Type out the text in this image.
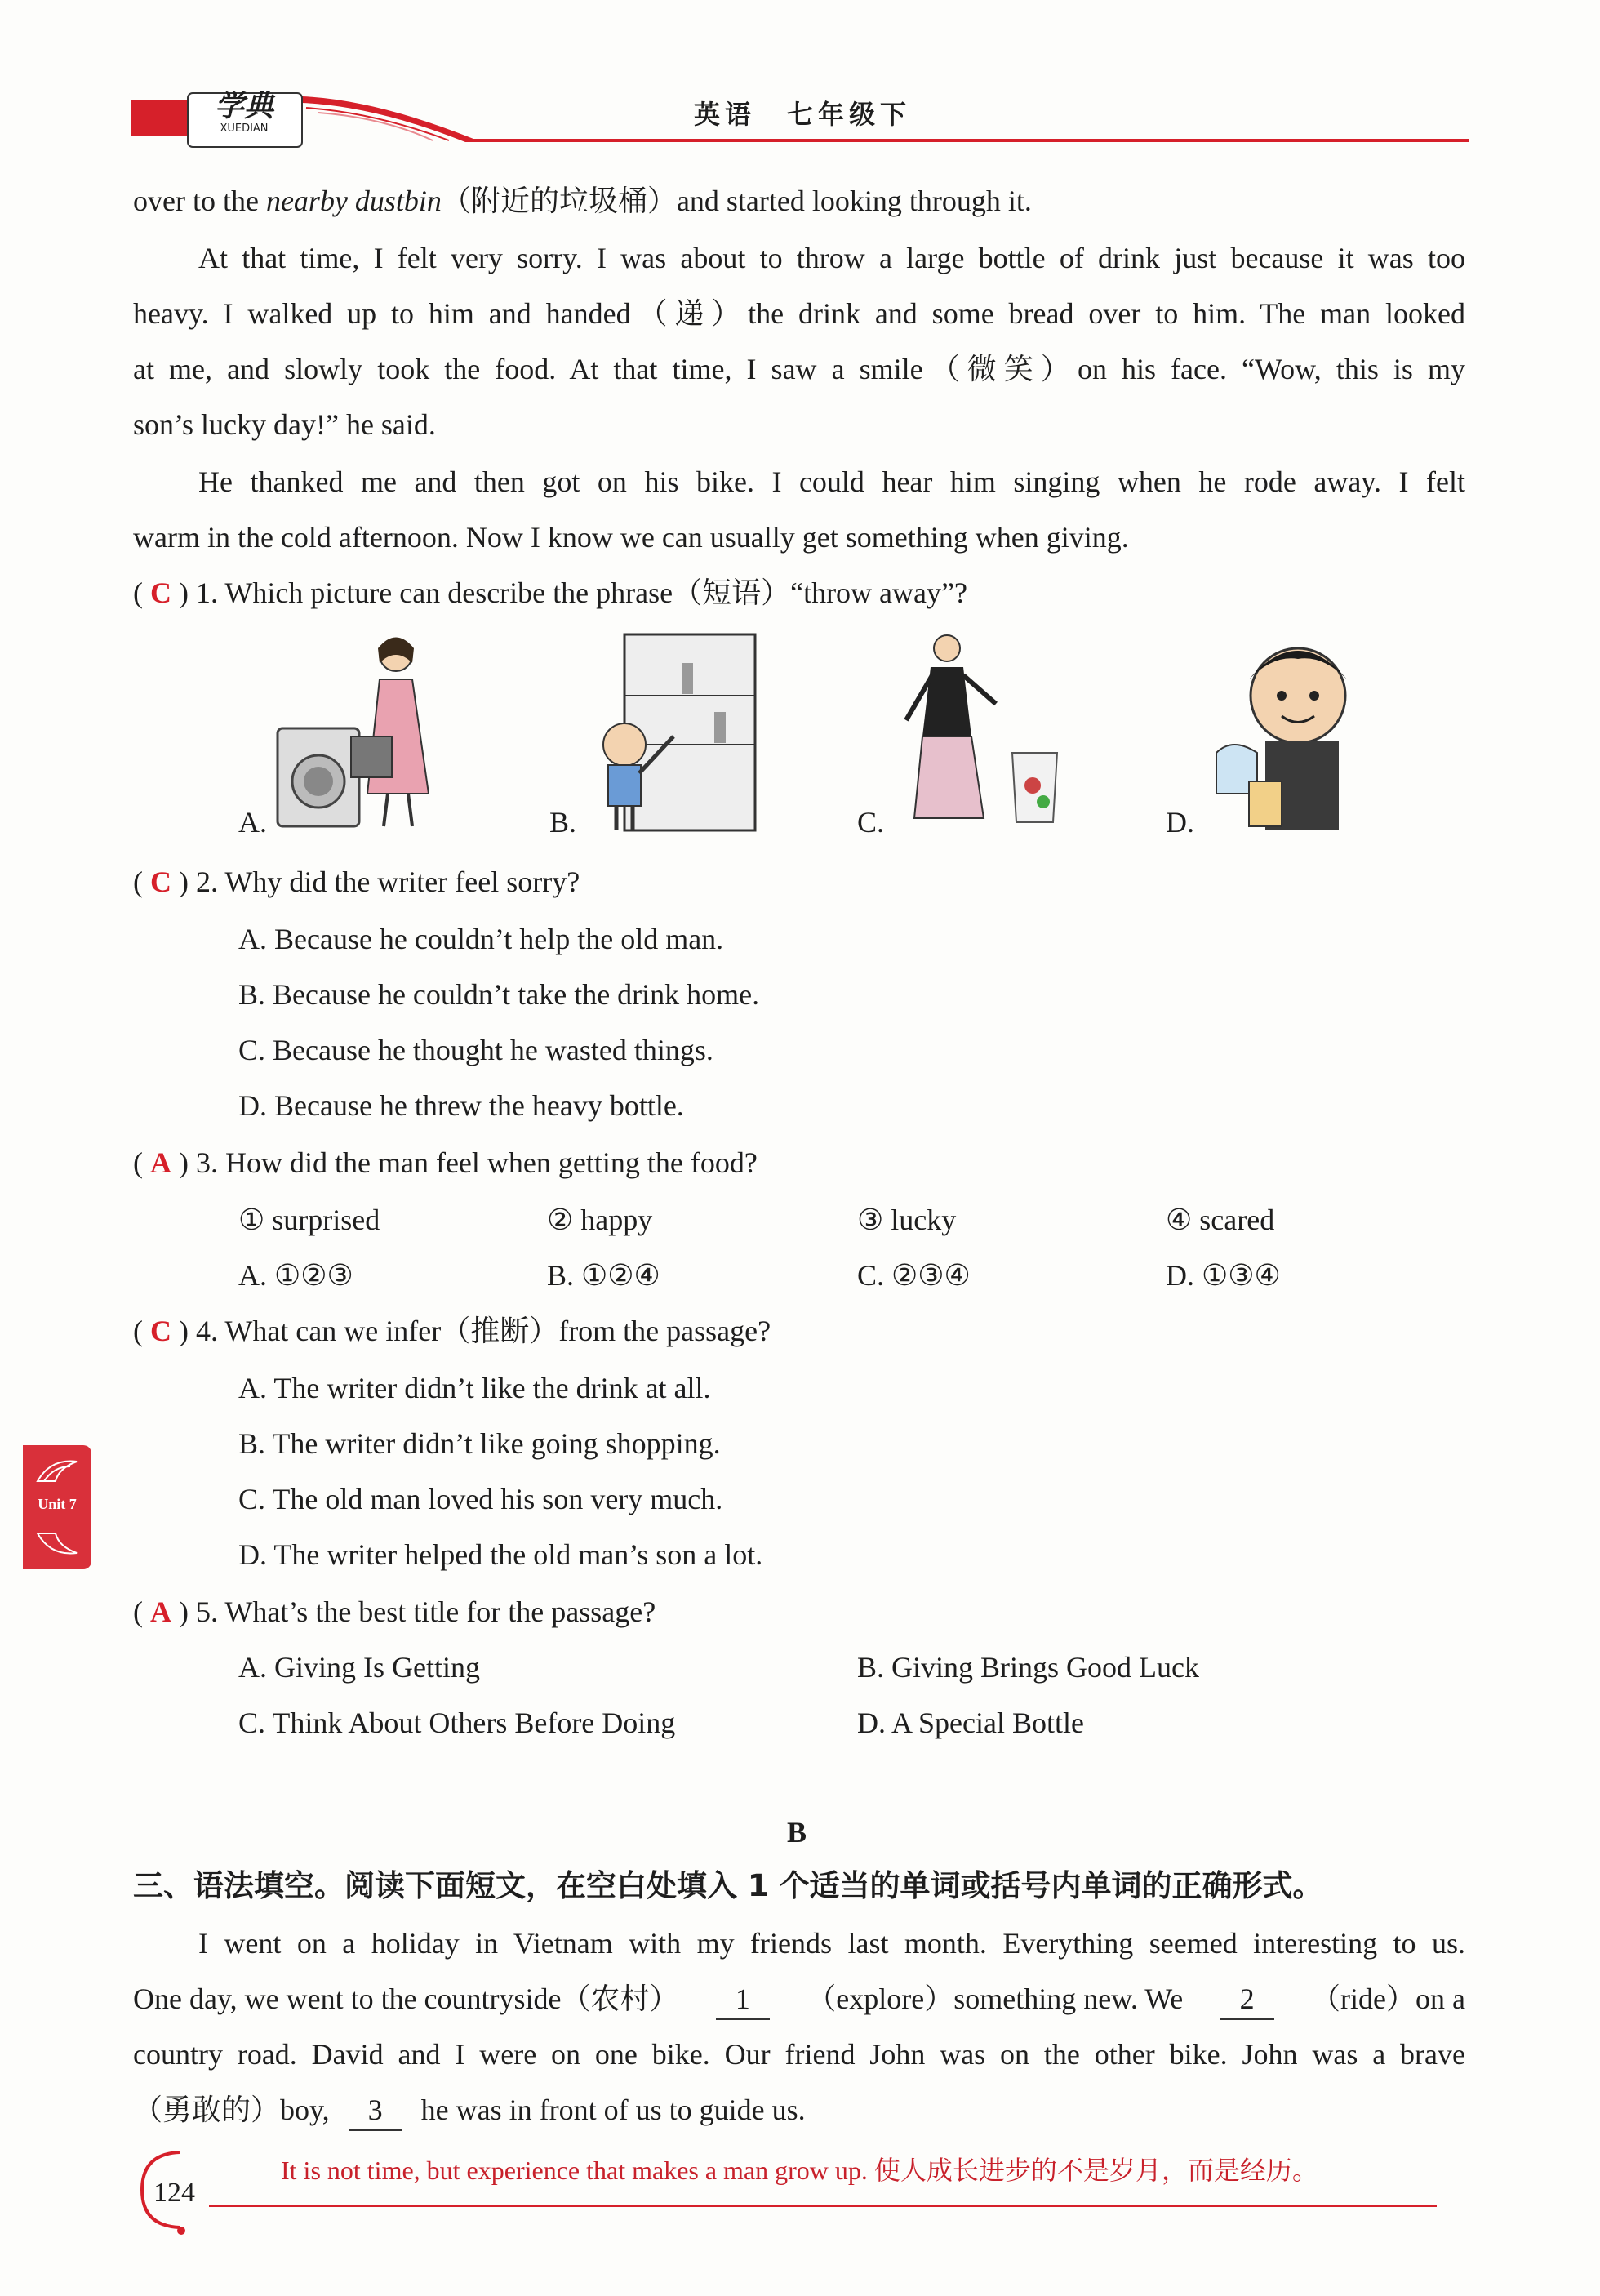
学典
XUEDIAN	英语　七年级下
over to the nearby dustbin（附近的垃圾桶）and started looking through it.
At that time, I felt very sorry. I was about to throw a large bottle of drink just because it was too
heavy. I walked up to him and handed（递）the drink and some bread over to him. The man looked
at me, and slowly took the food. At that time, I saw a smile（微笑）on his face. “Wow, this is my
son’s lucky day!” he said.
He thanked me and then got on his bike. I could hear him singing when he rode away. I felt
warm in the cold afternoon. Now I know we can usually get something when giving.
( C ) 1. Which picture can describe the phrase（短语）“throw away”?
A.	B.	C.	D.
( C ) 2. Why did the writer feel sorry?
A. Because he couldn’t help the old man.
B. Because he couldn’t take the drink home.
C. Because he thought he wasted things.
D. Because he threw the heavy bottle.
( A ) 3. How did the man feel when getting the food?
① surprised	② happy	③ lucky	④ scared
A. ①②③	B. ①②④	C. ②③④	D. ①③④
( C ) 4. What can we infer（推断）from the passage?
A. The writer didn’t like the drink at all.
B. The writer didn’t like going shopping.
C. The old man loved his son very much.
D. The writer helped the old man’s son a lot.
( A ) 5. What’s the best title for the passage?
A. Giving Is Getting	B. Giving Brings Good Luck
C. Think About Others Before Doing	D. A Special Bottle
B
三、语法填空。阅读下面短文，在空白处填入 1 个适当的单词或括号内单词的正确形式。
I went on a holiday in Vietnam with my friends last month. Everything seemed interesting to us.
One day, we went to the countryside（农村）	1	（explore）something new. We	2	（ride）on a
country road. David and I were on one bike. Our friend John was on the other bike. John was a brave
（勇敢的）boy, 3 he was in front of us to guide us.
Unit 7
124
It is not time, but experience that makes a man grow up. 使人成长进步的不是岁月，而是经历。
